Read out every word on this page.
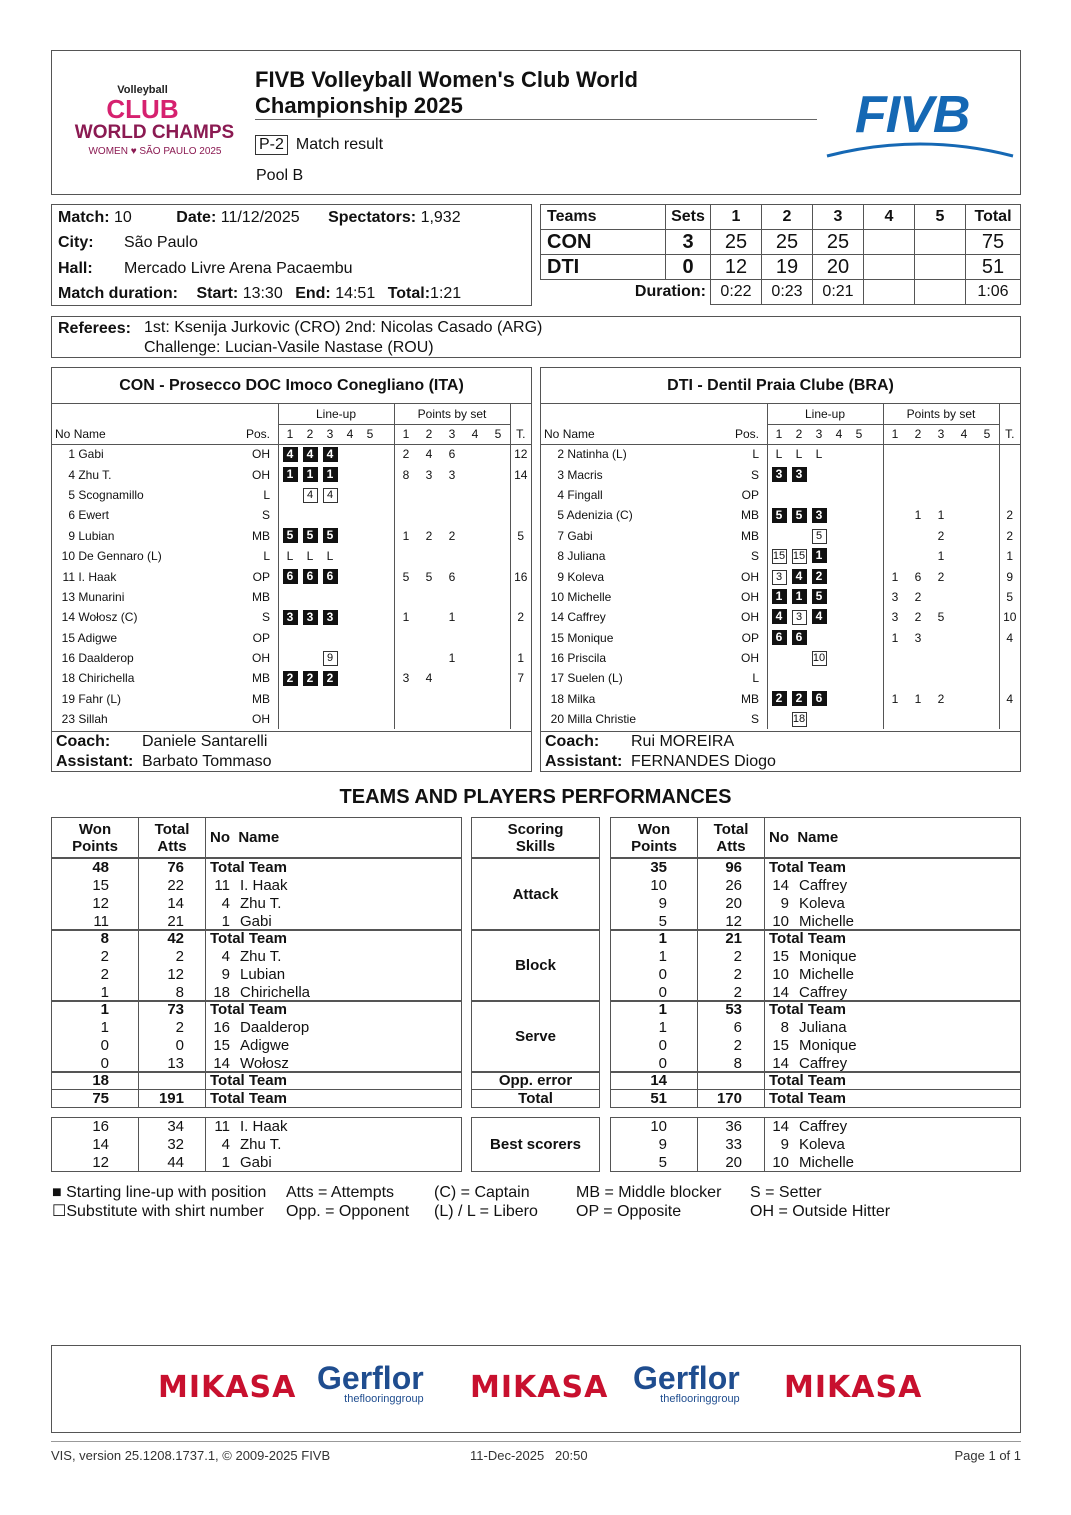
Volleyball
CLUB
WORLD CHAMPS
WOMEN ♥ SÃO PAULO 2025
FIVB Volleyball Women's Club World
Championship 2025
P-2 Match result
Pool B
FIVB
Match: 10	Date: 11/12/2025 Spectators: 1,932
City: São Paulo
Hall: Mercado Livre Arena Pacaembu
Match duration: Start: 13:30 End: 14:51 Total:1:21
Teams	Sets	1	2	3	4	5	Total
CON	3	25	25	25			75
DTI	0	12	19	20			51
Duration:		0:22	0:23	0:21			1:06
Referees: 1st: Ksenija Jurkovic (CRO) 2nd: Nicolas Casado (ARG)
Challenge: Lucian-Vasile Nastase (ROU)
CON - Prosecco DOC Imoco Conegliano (ITA)
		Line-up	Points by set	
No Name Pos.		1 2 3 4 5	1 2 3 4 5	T.
1 Gabi OH		4 4 4	2 4 6	12
4 Zhu T. OH		1 1 1	8 3 3	14
5 Scognamillo L		4 4		
6 Ewert S				

9 Lubian MB		5 5 5	1 2 2	5
10 De Gennaro (L) L		L L L		
11 I. Haak OP		6 6 6	5 5 6	16
13 Munarini MB				

14 Wołosz (C) S		3 3 3	1 1	2
15 Adigwe OP				

16 Daalderop OH		9	1	1
18 Chirichella MB		2 2 2	3 4	7
19 Fahr (L) MB				

23 Sillah OH				

Coach: Daniele Santarelli
Assistant: Barbato Tommaso
DTI - Dentil Praia Clube (BRA)
		Line-up	Points by set	
No Name Pos.		1 2 3 4 5	1 2 3 4 5	T.
2 Natinha (L) L		L L L		
3 Macris S		3 3		
4 Fingall OP				

5 Adenizia (C) MB		5 5 3	1 1	2
7 Gabi MB		5	2	2
8 Juliana S		15 15 1	1	1
9 Koleva OH		3 4 2	1 6 2	9
10 Michelle OH		1 1 5	3 2	5
14 Caffrey OH		4 3 4	3 2 5	10
15 Monique OP		6 6	1 3	4
16 Priscila OH		10		
17 Suelen (L) L				

18 Milka MB		2 2 6	1 1 2	4
20 Milla Christie S		18		
Coach: Rui MOREIRA
Assistant: FERNANDES Diogo
TEAMS AND PLAYERS PERFORMANCES
Won
Points
Total
Atts
No  Name	Won
Points
Total
Atts
No  Name
Scoring
Skills
48	76 Total Team
15	22 11 I. Haak
12	14	4 Zhu T.
11	21	1 Gabi
Attack
35	96 Total Team
10	26 14 Caffrey
9	20	9 Koleva
5	12 10 Michelle
8	42 Total Team
2	2	4 Zhu T.
2	12	9 Lubian
1	8 18 Chirichella
Block
1	21 Total Team
1	2 15 Monique
0	2 10 Michelle
0	2 14 Caffrey
1	73 Total Team
1	2 16 Daalderop
0	0 15 Adigwe
0	13 14 Wołosz
Serve
1	53 Total Team
1	6	8 Juliana
0	2 15 Monique
0	8 14 Caffrey
18	Total Team	Opp. error	14	Total Team
75	191 Total Team	Total	51	170 Total Team
16	34 11 I. Haak
14	32	4 Zhu T.
12	44	1 Gabi
Best scorers
10	36 14 Caffrey
9	33	9 Koleva
5	20 10 Michelle
■ Starting line-up with position
☐Substitute with shirt number
Atts = Attempts
Opp. = Opponent
(C) = Captain
(L) / L = Libero
MB = Middle blocker
OP = Opposite
S = Setter
OH = Outside Hitter
MIKASA Gerflor
theflooringgroup MIKASA Gerflor
theflooringgroup MIKASA
VIS, version 25.1208.1737.1, © 2009-2025 FIVB	11-Dec-2025   20:50	Page 1 of 1
